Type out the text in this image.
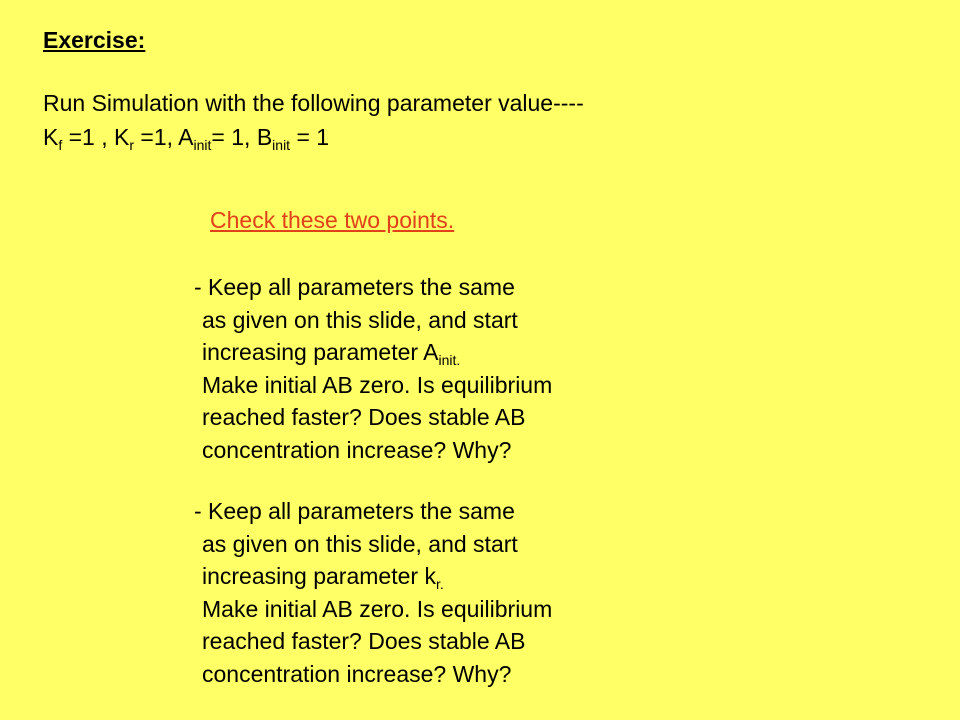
Exercise:
Run Simulation with the following parameter value----
$K_f =1$ , $K_r =1$, $A_{init}= 1$, $B_{init} = 1$
Check these two points.
- Keep all parameters the same
as given on this slide, and start
increasing parameter $A_{init.}$
Make initial AB zero. Is equilibrium
reached faster? Does stable AB
concentration increase? Why?
- Keep all parameters the same
as given on this slide, and start
increasing parameter $k_{r.}$
Make initial AB zero. Is equilibrium
reached faster? Does stable AB
concentration increase? Why?
